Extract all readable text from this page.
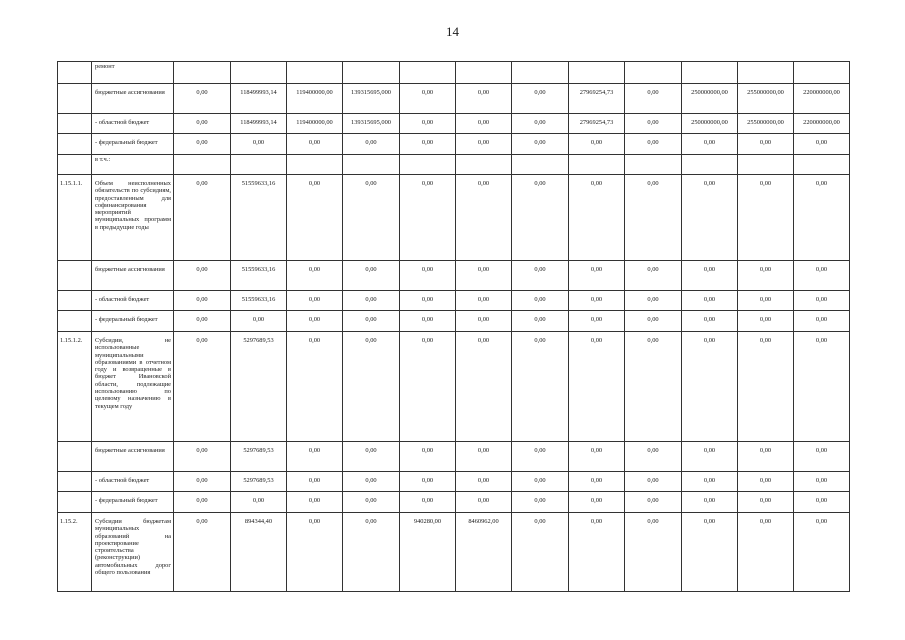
14
	ремонт												
	бюджетные ассигнования	0,00	118499993,14	119400000,00	139315695,000	0,00	0,00	0,00	27969254,73	0,00	250000000,00	255000000,00	220000000,00
	- областной бюджет	0,00	118499993,14	119400000,00	139315695,000	0,00	0,00	0,00	27969254,73	0,00	250000000,00	255000000,00	220000000,00
	- федеральный бюджет	0,00	0,00	0,00	0,00	0,00	0,00	0,00	0,00	0,00	0,00	0,00	0,00
	в т.ч.:												
1.15.1.1.	Объем неисполненных обязательств по субсидиям, предоставленным для софинансирования мероприятий муниципальных программ в предыдущие годы	0,00	51559633,16	0,00	0,00	0,00	0,00	0,00	0,00	0,00	0,00	0,00	0,00
	бюджетные ассигнования	0,00	51559633,16	0,00	0,00	0,00	0,00	0,00	0,00	0,00	0,00	0,00	0,00
	- областной бюджет	0,00	51559633,16	0,00	0,00	0,00	0,00	0,00	0,00	0,00	0,00	0,00	0,00
	- федеральный бюджет	0,00	0,00	0,00	0,00	0,00	0,00	0,00	0,00	0,00	0,00	0,00	0,00
1.15.1.2.	Субсидии, не использованные муниципальными образованиями в отчетном году и возвращенные в бюджет Ивановской области, подлежащие использованию по целевому назначению в текущем году	0,00	5297689,53	0,00	0,00	0,00	0,00	0,00	0,00	0,00	0,00	0,00	0,00
	бюджетные ассигнования	0,00	5297689,53	0,00	0,00	0,00	0,00	0,00	0,00	0,00	0,00	0,00	0,00
	- областной бюджет	0,00	5297689,53	0,00	0,00	0,00	0,00	0,00	0,00	0,00	0,00	0,00	0,00
	- федеральный бюджет	0,00	0,00	0,00	0,00	0,00	0,00	0,00	0,00	0,00	0,00	0,00	0,00
1.15.2.	Субсидии бюджетам муниципальных образований на проектирование строительства (реконструкции) автомобильных дорог общего пользования	0,00	894344,40	0,00	0,00	940280,00	8460962,00	0,00	0,00	0,00	0,00	0,00	0,00
